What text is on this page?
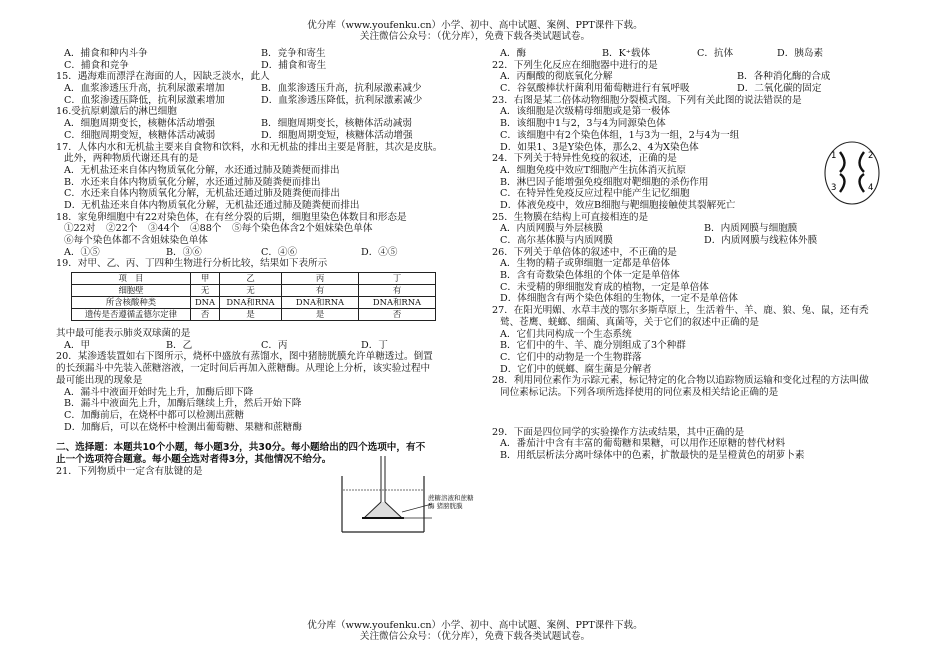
优分库（www.youfenku.cn）小学、初中、高中试题、案例、PPT课件下载。
关注微信公众号：（优分库），免费下载各类试题试卷。
A．捕食和种内斗争	B．竞争和寄生
C．捕食和竞争	D．捕食和寄生
15．遇海难而漂浮在海面的人，因缺乏淡水，此人
A．血浆渗透压升高，抗利尿激素增加	B．血浆渗透压升高，抗利尿激素减少
C．血浆渗透压降低，抗利尿激素增加	D．血浆渗透压降低，抗利尿激素减少
16.受抗原刺激后的淋巴细胞
A．细胞周期变长，核糖体活动增强	B．细胞周期变长，核糖体活动减弱
C．细胞周期变短，核糖体活动减弱	D．细胞周期变短，核糖体活动增强
17．人体内水和无机盐主要来自食物和饮料，水和无机盐的排出主要是肾脏，其次是皮肤。
此外，两种物质代谢还具有的是
A．无机盐还来自体内物质氧化分解，水还通过肺及随粪便而排出
B．水还来自体内物质氧化分解，水还通过肺及随粪便而排出
C．水还来自体内物质氧化分解，无机盐还通过肺及随粪便而排出
D．无机盐还来自体内物质氧化分解，无机盐还通过肺及随粪便而排出
18．家兔卵细胞中有22对染色体，在有丝分裂的后期，细胞里染色体数目和形态是
①22对 ②22个 ③44个 ④88个 ⑤每个染色体含2个姐妹染色单体
⑥每个染色体都不含姐妹染色单体
A．①⑤	B．③⑥	C．④⑥	D．④⑤
19．对甲、乙、丙、丁四种生物进行分析比较，结果如下表所示
项　目	甲	乙	丙	丁
细胞壁	无	无	有	有
所含核酸种类	DNA	DNA和RNA	DNA和RNA	DNA和RNA
遗传是否遵循孟德尔定律	否	是	是	否
其中最可能表示肺炎双球菌的是
A．甲	B．乙	C．丙	D．丁
20．某渗透装置如右下图所示，烧杯中盛放有蒸馏水，图中猪膀胱膜允许单糖透过。倒置
的长颈漏斗中先装入蔗糖溶液，一定时间后再加入蔗糖酶。从理论上分析，该实验过程中
最可能出现的现象是
A．漏斗中液面开始时先上升，加酶后即下降
B．漏斗中液面先上升，加酶后继续上升，然后开始下降
C．加酶前后，在烧杯中都可以检测出蔗糖
D．加酶后，可以在烧杯中检测出葡萄糖、果糖和蔗糖酶
二、选择题：本题共10个小题，每小题3分，共30分。每小题给出的四个选项中，有不
止一个选项符合题意。每小题全选对者得3分，其他情况不给分。
21．下列物质中一定含有肽键的是
蔗糖溶液和蔗糖酶 猪膀胱膜
A．酶	B．K⁺载体	C．抗体	D．胰岛素
22．下列生化反应在细胞器中进行的是
A．丙酮酸的彻底氧化分解	B．各种消化酶的合成
C．谷氨酸棒状杆菌利用葡萄糖进行有氧呼吸	D．二氧化碳的固定
23．右图是某二倍体动物细胞分裂模式图。下列有关此图的说法错误的是
A．该细胞是次级精母细胞或是第一极体
B．该细胞中1与2，3与4为同源染色体
C．该细胞中有2个染色体组，1与3为一组，2与4为一组
D．如果1、3是Y染色体，那么2、4为X染色体
24．下列关于特异性免疫的叙述，正确的是
A．细胞免疫中效应T细胞产生抗体消灭抗原
B．淋巴因子能增强免疫细胞对靶细胞的杀伤作用
C．在特异性免疫反应过程中能产生记忆细胞
D．体液免疫中，效应B细胞与靶细胞接触使其裂解死亡
25．生物膜在结构上可直接相连的是
A．内质网膜与外层核膜	B．内质网膜与细胞膜
C．高尔基体膜与内质网膜	D．内质网膜与线粒体外膜
26．下列关于单倍体的叙述中，不正确的是
A．生物的精子或卵细胞一定都是单倍体
B．含有奇数染色体组的个体一定是单倍体
C．未受精的卵细胞发育成的植物，一定是单倍体
D．体细胞含有两个染色体组的生物体，一定不是单倍体
27．在阳光明媚、水草丰茂的鄂尔多斯草原上，生活着牛、羊、鹿、狼、兔、鼠，还有秃
鹫、苍鹰、蜣螂、细菌、真菌等，关于它们的叙述中正确的是
A．它们共同构成一个生态系统
B．它们中的牛、羊、鹿分别组成了3个种群
C．它们中的动物是一个生物群落
D．它们中的蜣螂、腐生菌是分解者
28．利用同位素作为示踪元素，标记特定的化合物以追踪物质运输和变化过程的方法叫做
同位素标记法。下列各项所选择使用的同位素及相关结论正确的是
29．下面是四位同学的实验操作方法或结果，其中正确的是
A．番茄汁中含有丰富的葡萄糖和果糖，可以用作还原糖的替代材料
B．用纸层析法分离叶绿体中的色素，扩散最快的是呈橙黄色的胡萝卜素
1	2
3	4
优分库（www.youfenku.cn）小学、初中、高中试题、案例、PPT课件下载。
关注微信公众号：（优分库），免费下载各类试题试卷。
